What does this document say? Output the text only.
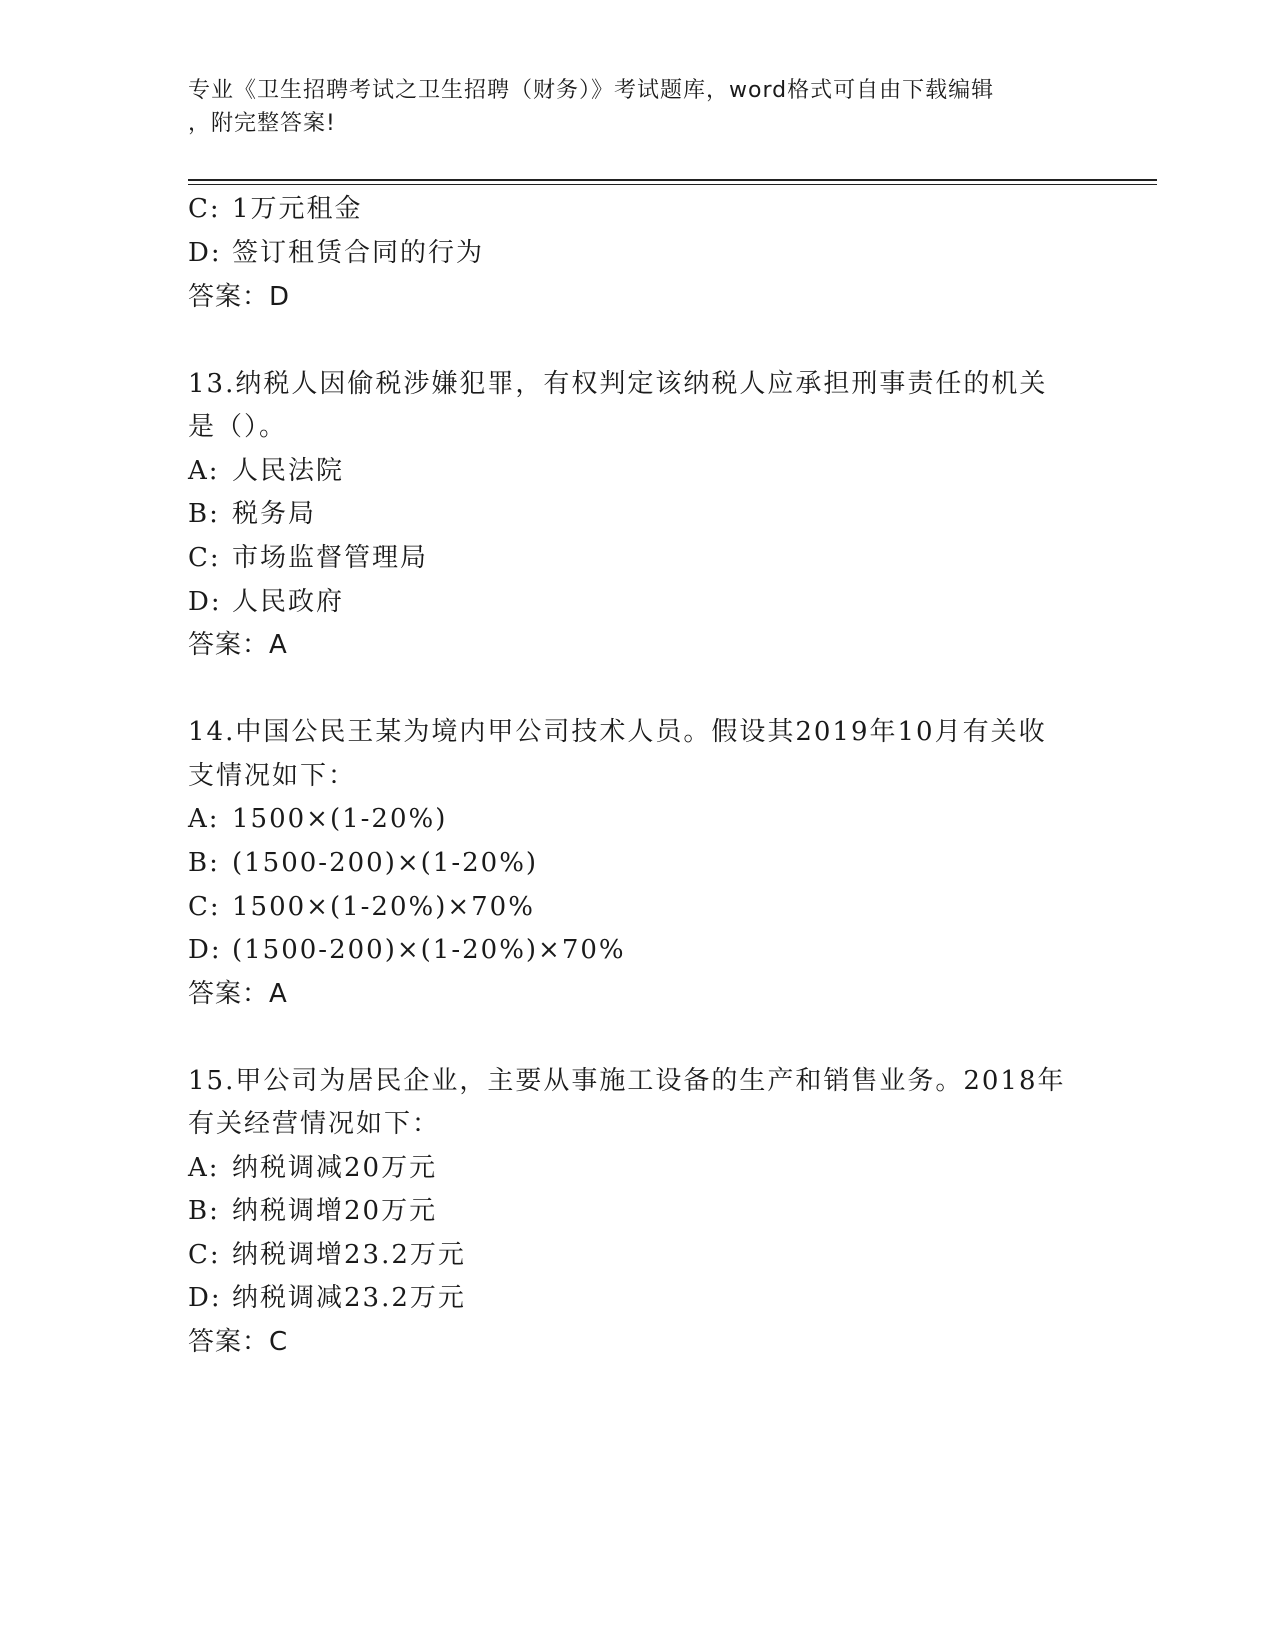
专业《卫生招聘考试之卫生招聘（财务）》考试题库，word格式可自由下载编辑
，附完整答案!
C: 1万元租金
D: 签订租赁合同的行为
答案：D
13.纳税人因偷税涉嫌犯罪，有权判定该纳税人应承担刑事责任的机关
是（）。
A: 人民法院
B: 税务局
C: 市场监督管理局
D: 人民政府
答案：A
14.中国公民王某为境内甲公司技术人员。假设其2019年10月有关收
支情况如下：
A: 1500×(1-20%)
B: (1500-200)×(1-20%)
C: 1500×(1-20%)×70%
D: (1500-200)×(1-20%)×70%
答案：A
15.甲公司为居民企业，主要从事施工设备的生产和销售业务。2018年
有关经营情况如下：
A: 纳税调减20万元
B: 纳税调增20万元
C: 纳税调增23.2万元
D: 纳税调减23.2万元
答案：C
